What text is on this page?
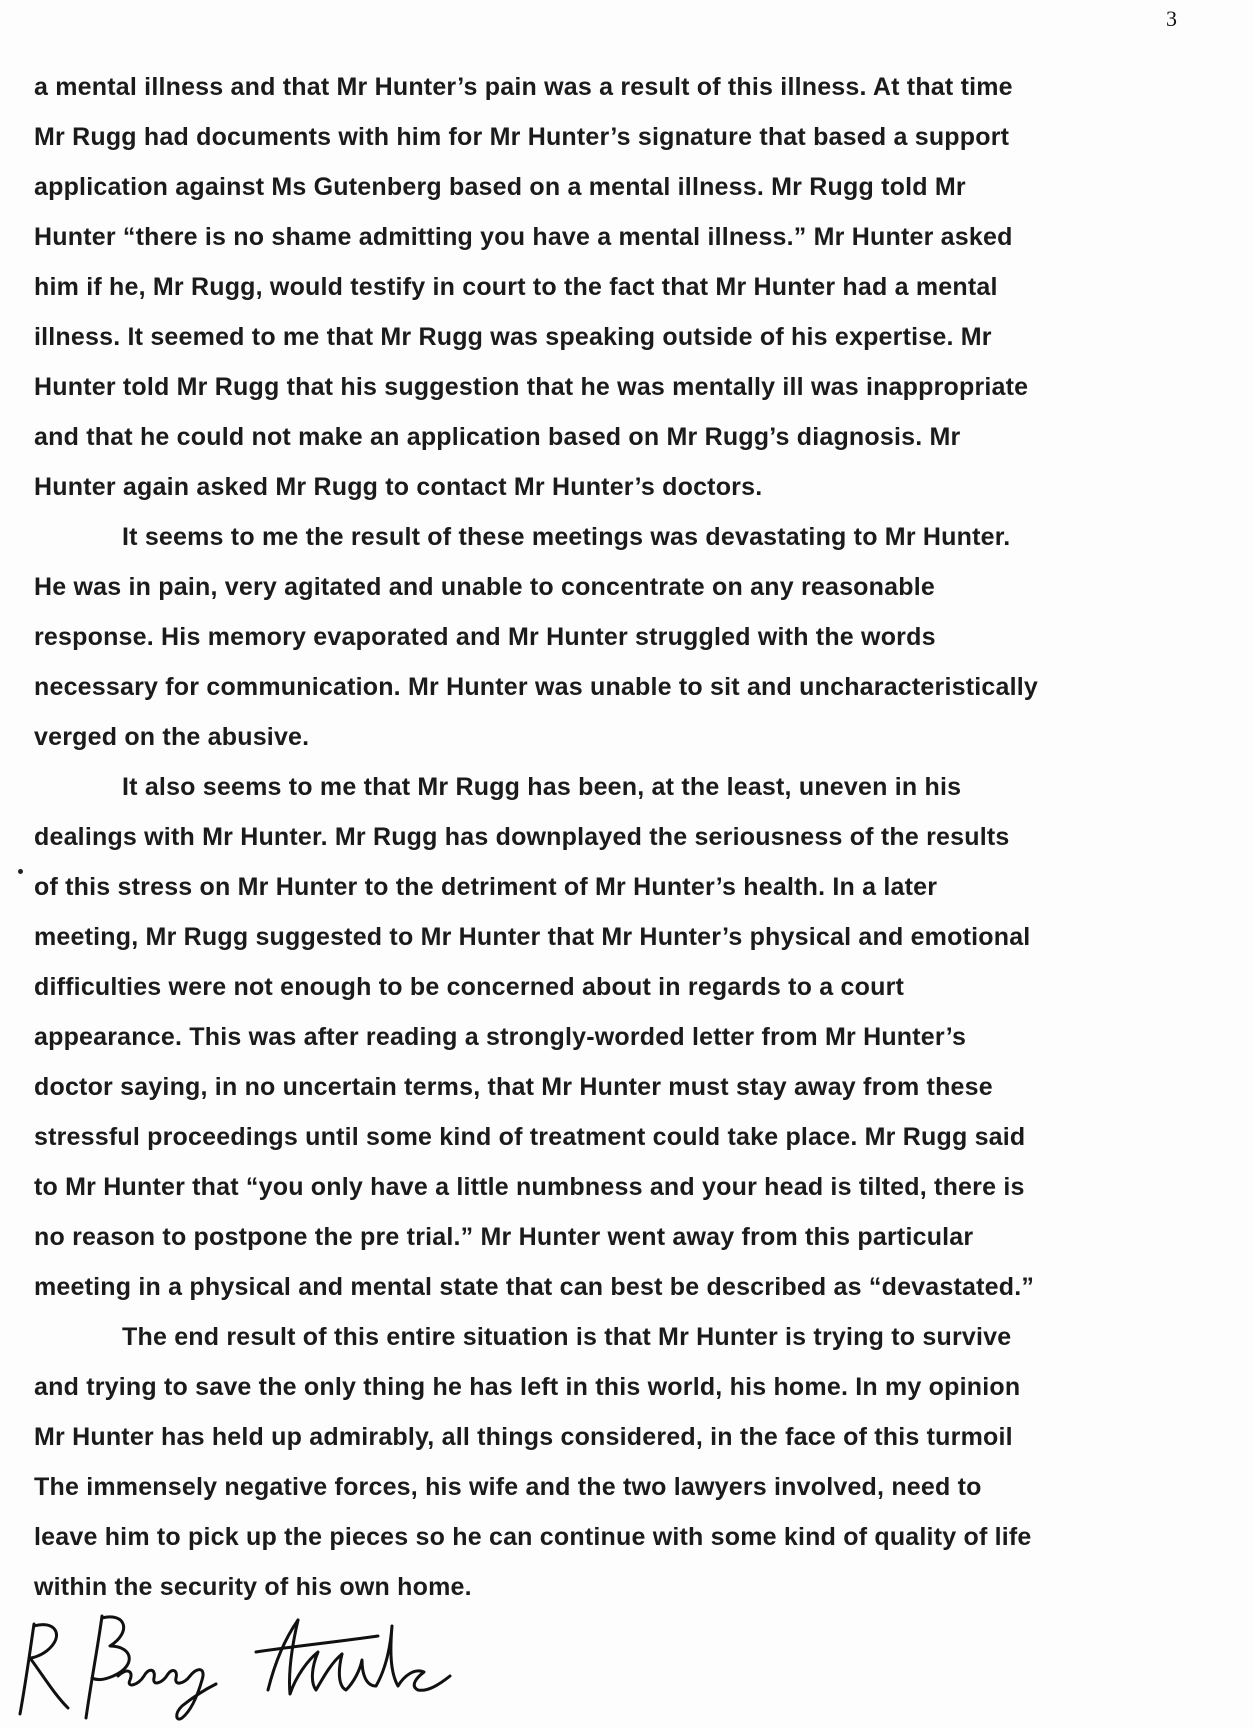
3
a mental illness and that Mr Hunter’s pain was a result of this illness. At that time
Mr Rugg had documents with him for Mr Hunter’s signature that based a support
application against Ms Gutenberg based on a mental illness. Mr Rugg told Mr
Hunter “there is no shame admitting you have a mental illness.” Mr Hunter asked
him if he, Mr Rugg, would testify in court to the fact that Mr Hunter had a mental
illness. It seemed to me that Mr Rugg was speaking outside of his expertise. Mr
Hunter told Mr Rugg that his suggestion that he was mentally ill was inappropriate
and that he could not make an application based on Mr Rugg’s diagnosis. Mr
Hunter again asked Mr Rugg to contact Mr Hunter’s doctors.
It seems to me the result of these meetings was devastating to Mr Hunter.
He was in pain, very agitated and unable to concentrate on any reasonable
response. His memory evaporated and Mr Hunter struggled with the words
necessary for communication. Mr Hunter was unable to sit and uncharacteristically
verged on the abusive.
It also seems to me that Mr Rugg has been, at the least, uneven in his
dealings with Mr Hunter. Mr Rugg has downplayed the seriousness of the results
of this stress on Mr Hunter to the detriment of Mr Hunter’s health. In a later
meeting, Mr Rugg suggested to Mr Hunter that Mr Hunter’s physical and emotional
difficulties were not enough to be concerned about in regards to a court
appearance. This was after reading a strongly-worded letter from Mr Hunter’s
doctor saying, in no uncertain terms, that Mr Hunter must stay away from these
stressful proceedings until some kind of treatment could take place. Mr Rugg said
to Mr Hunter that “you only have a little numbness and your head is tilted, there is
no reason to postpone the pre trial.” Mr Hunter went away from this particular
meeting in a physical and mental state that can best be described as “devastated.”
The end result of this entire situation is that Mr Hunter is trying to survive
and trying to save the only thing he has left in this world, his home. In my opinion
Mr Hunter has held up admirably, all things considered, in the face of this turmoil
The immensely negative forces, his wife and the two lawyers involved, need to
leave him to pick up the pieces so he can continue with some kind of quality of life
within the security of his own home.
